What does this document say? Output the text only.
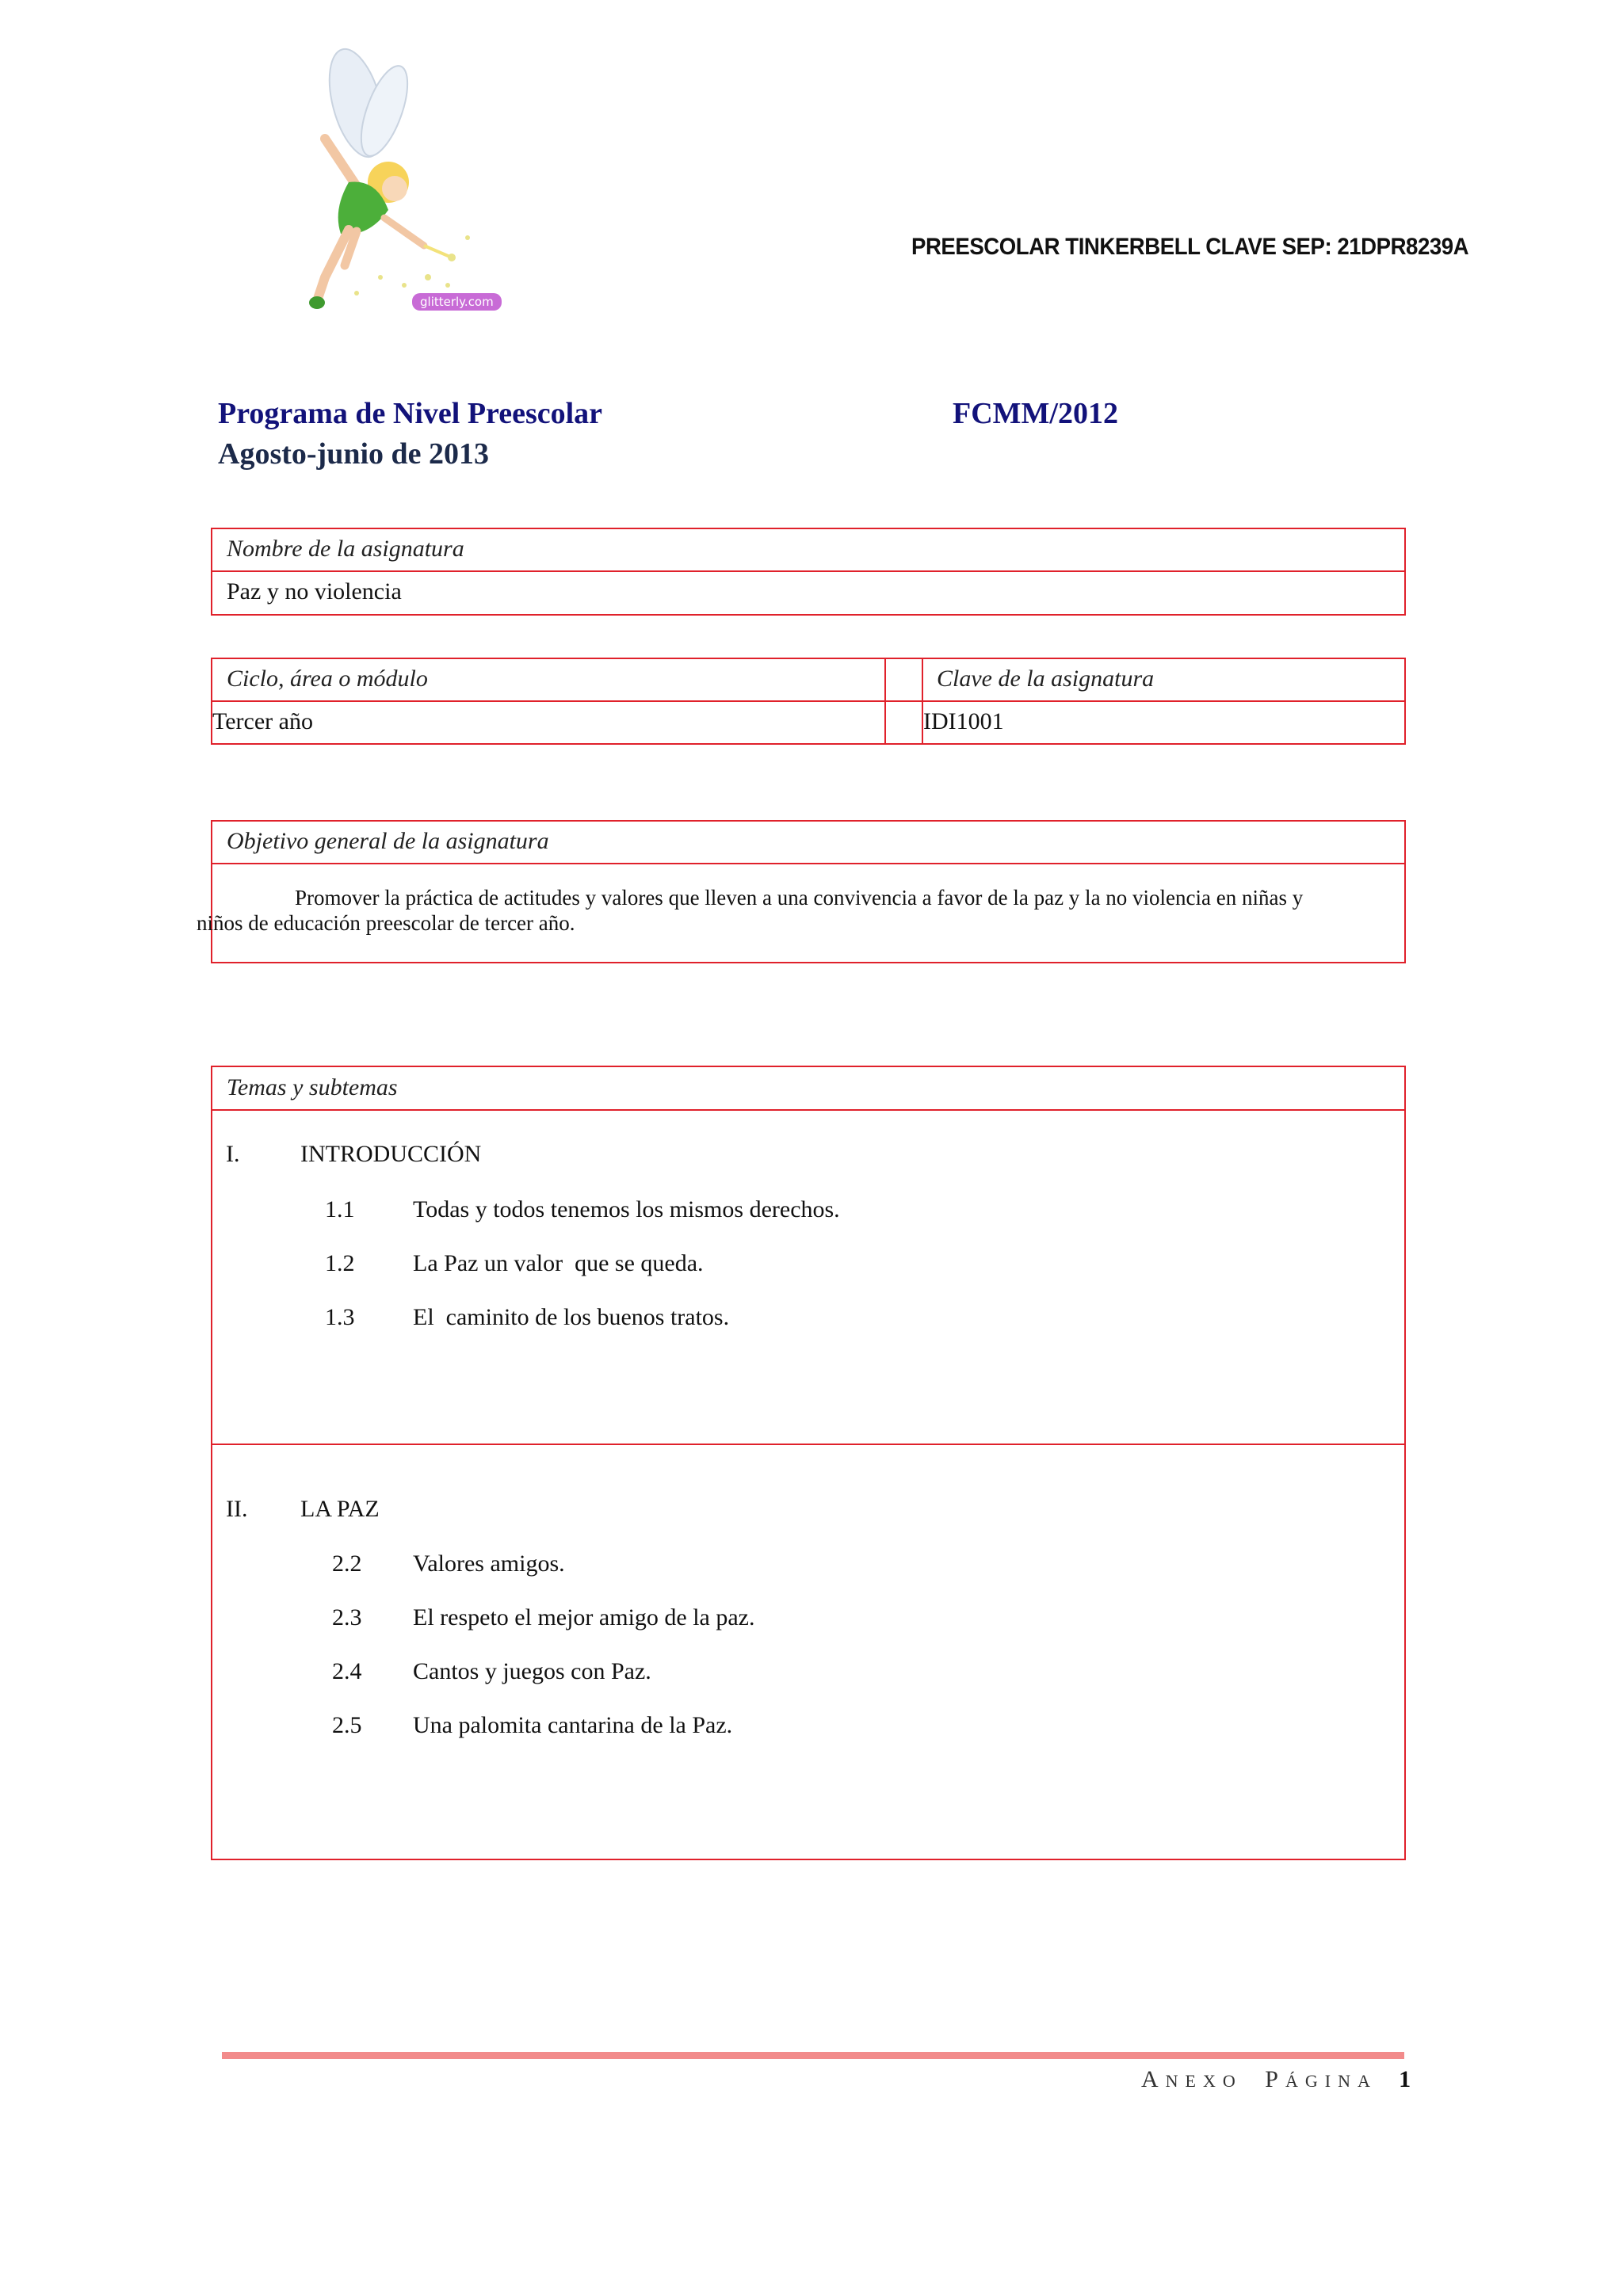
glitterly.com
PREESCOLAR TINKERBELL CLAVE SEP: 21DPR8239A
Programa de Nivel Preescolar	FCMM/2012
Agosto-junio de 2013
Nombre de la asignatura
Paz y no violencia
Ciclo, área o módulo
Tercer año
Clave de la asignatura
IDI1001
Objetivo general de la asignatura
Promover la práctica de actitudes y valores que lleven a una convivencia a favor de la paz y la no violencia en niñas y
niños de educación preescolar de tercer año.
Temas y subtemas
I.	INTRODUCCIÓN
1.1 Todas y todos tenemos los mismos derechos.
1.2 La Paz un valor  que se queda.
1.3 El  caminito de los buenos tratos.
II. LA PAZ
2.2 Valores amigos.
2.3 El respeto el mejor amigo de la paz.
2.4 Cantos y juegos con Paz.
2.5 Una palomita cantarina de la Paz.
ANEXO PÁGINA 1
